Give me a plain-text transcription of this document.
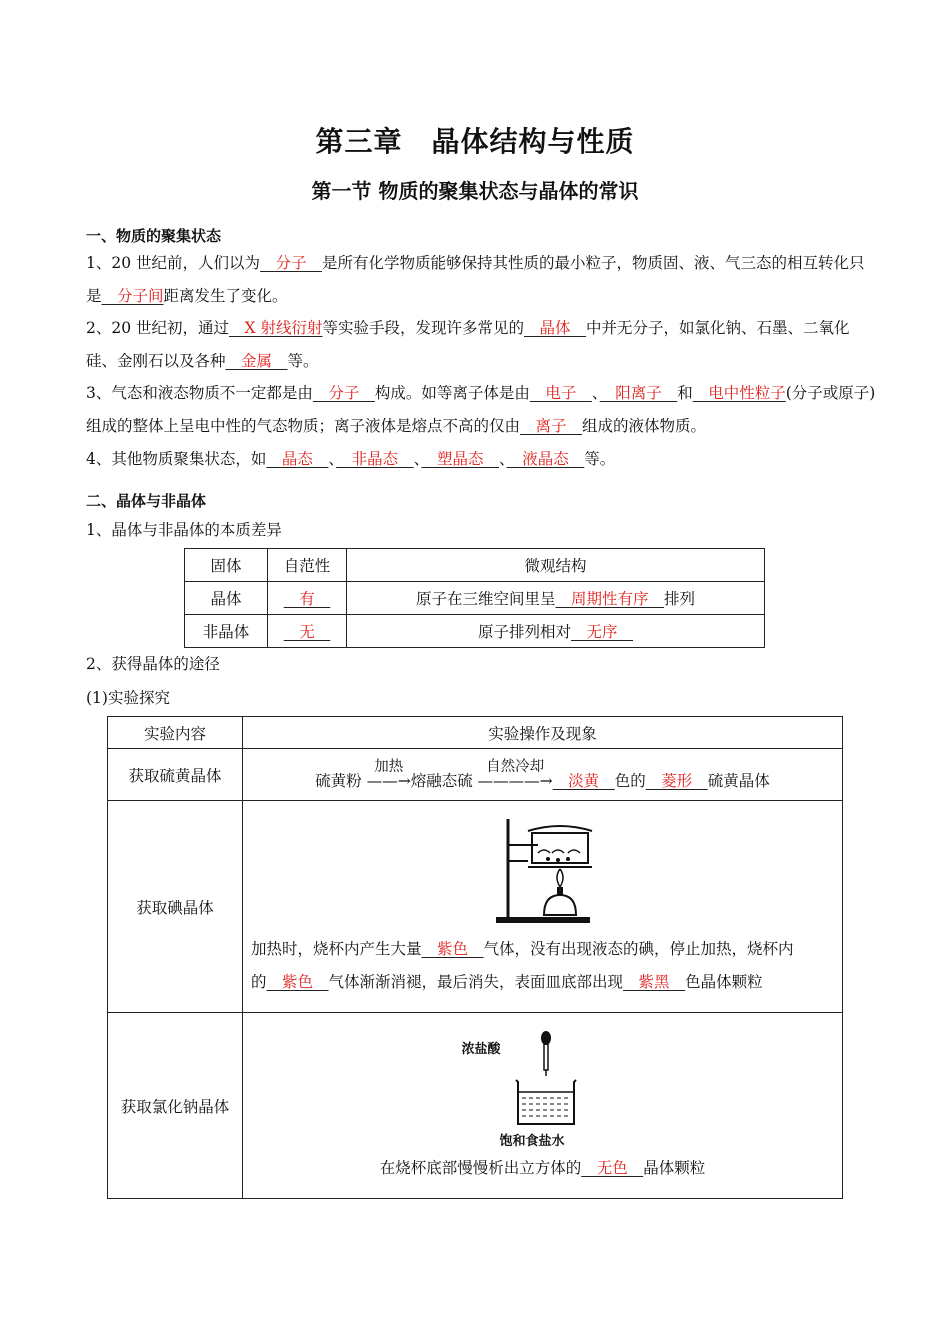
第三章　晶体结构与性质
第一节 物质的聚集状态与晶体的常识
一、物质的聚集状态
1、20 世纪前，人们以为　分子　是所有化学物质能够保持其性质的最小粒子，物质固、液、气三态的相互转化只是　分子间距离发生了变化。
2、20 世纪初，通过　X 射线衍射等实验手段，发现许多常见的　晶体　中并无分子，如氯化钠、石墨、二氧化硅、金刚石以及各种　金属　等。
3、气态和液态物质不一定都是由　分子　构成。如等离子体是由　电子　、　阳离子　和　电中性粒子(分子或原子)组成的整体上呈电中性的气态物质；离子液体是熔点不高的仅由　离子　组成的液体物质。
4、其他物质聚集状态，如　晶态　、　非晶态　、　塑晶态　、　液晶态　等。
二、晶体与非晶体
1、晶体与非晶体的本质差异
固体	自范性	微观结构
晶体	　有　	原子在三维空间里呈　周期性有序　排列
非晶体	　无　	原子排列相对　无序　
2、获得晶体的途径
(1)实验探究
实验内容	实验操作及现象
获取硫黄晶体	硫黄粉
加热
——→熔融态硫
自然冷却
————→　淡黄　色的　菱形　硫黄晶体
获取碘晶体	加热时，烧杯内产生大量　紫色　气体，没有出现液态的碘，停止加热，烧杯内的　紫色　气体渐渐消褪，最后消失，表面皿底部出现　紫黑　色晶体颗粒

获取氯化钠晶体	浓盐酸
饱和食盐水
在烧杯底部慢慢析出立方体的　无色　晶体颗粒
